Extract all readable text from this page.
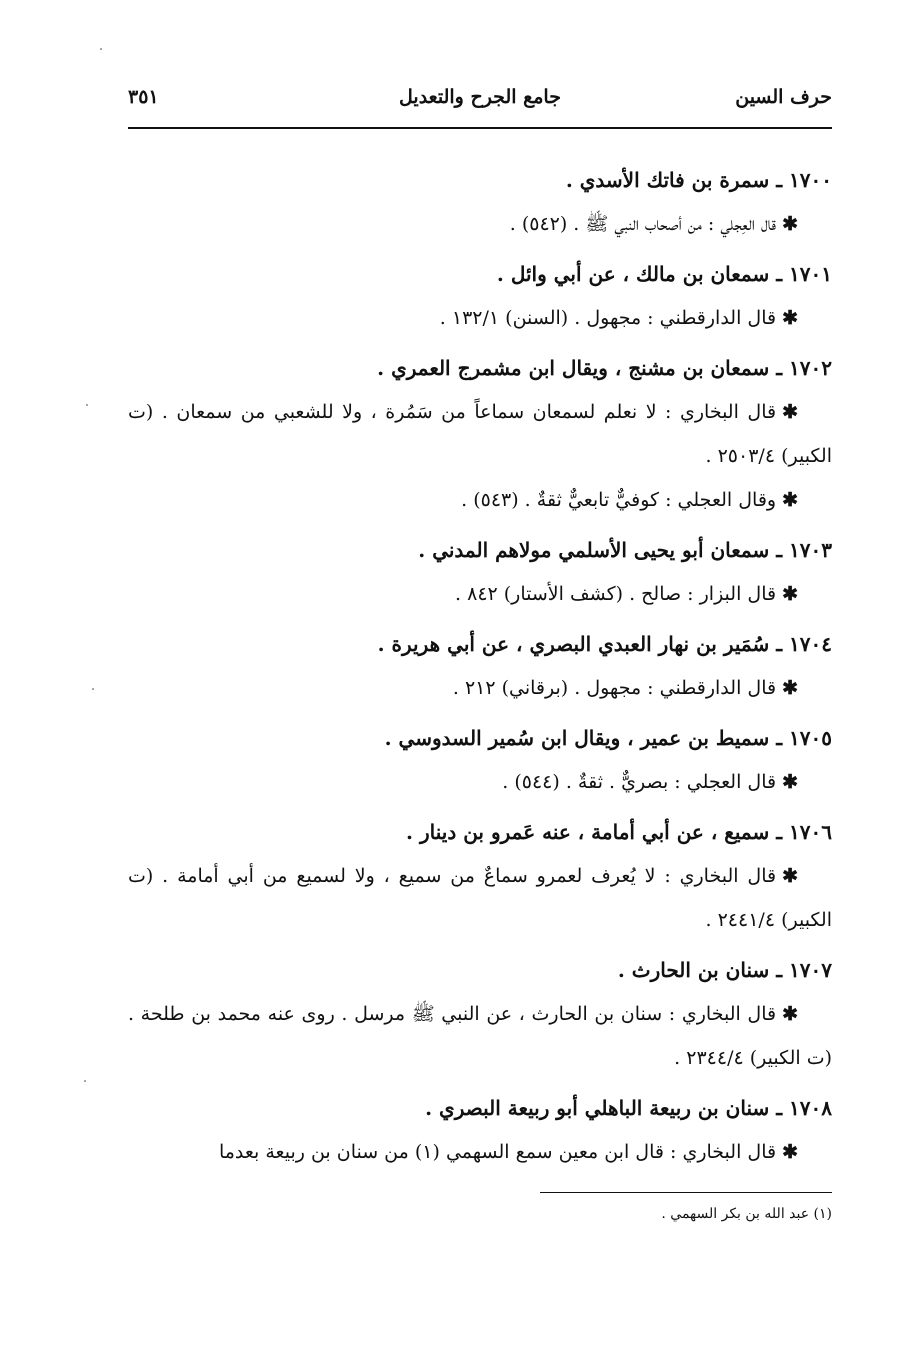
حرف السين
جامع الجرح والتعديل
٣٥١

١٧٠٠ ـ سمرة بن فاتك الأسدي .

✱قال العِجلي : من أصحاب النبي ﷺ . (٥٤٢) .

١٧٠١ ـ سمعان بن مالك ، عن أبي وائل .

✱قال الدارقطني : مجهول . (السنن) ١٣٢/١ .

١٧٠٢ ـ سمعان بن مشنج ، ويقال ابن مشمرج العمري .

✱قال البخاري : لا نعلم لسمعان سماعاً من سَمُرة ، ولا للشعبي من سمعان . (ت الكبير) ٢٥٠٣/٤ .

✱وقال العجلي : كوفيٌّ تابعيٌّ ثقةٌ . (٥٤٣) .

١٧٠٣ ـ سمعان أبو يحيى الأسلمي مولاهم المدني .

✱قال البزار : صالح . (كشف الأستار) ٨٤٢ .

١٧٠٤ ـ سُمَير بن نهار العبدي البصري ، عن أبي هريرة .

✱قال الدارقطني : مجهول . (برقاني) ٢١٢ .

١٧٠٥ ـ سميط بن عمير ، ويقال ابن سُمير السدوسي .

✱قال العجلي : بصريٌّ . ثقةٌ . (٥٤٤) .

١٧٠٦ ـ سميع ، عن أبي أمامة ، عنه عَمرو بن دينار .

✱قال البخاري : لا يُعرف لعمرو سماعٌ من سميع ، ولا لسميع من أبي أمامة . (ت الكبير) ٢٤٤١/٤ .

١٧٠٧ ـ سنان بن الحارث .

✱قال البخاري : سنان بن الحارث ، عن النبي ﷺ مرسل . روى عنه محمد بن طلحة . (ت الكبير) ٢٣٤٤/٤ .

١٧٠٨ ـ سنان بن ربيعة الباهلي أبو ربيعة البصري .

✱قال البخاري : قال ابن معين سمع السهمي (١) من سنان بن ربيعة بعدما

(١) عبد الله بن بكر السهمي .
